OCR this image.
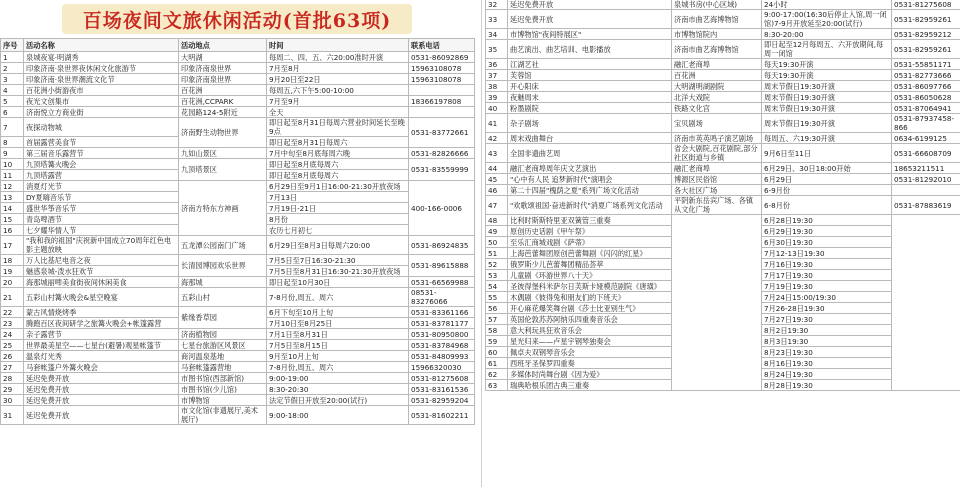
百场夜间文旅休闲活动(首批63项)
序号	活动名称	活动地点	时间	联系电话
1	泉城夜宴·明湖秀	大明湖	每周二、四、五、六20:00准时开演	0531-86092869
2	印象济南·泉世界夜休闲文化旅游节	印象济南泉世界	7月至8月	15963108078
3	印象济南·泉世界潮流文化节	印象济南泉世界	9月20日至22日	15963108078
4	百花洲小街游夜市	百花洲	每周五,六下午5:00-10:00	
5	夜光文创集市	百花洲,CCPARK	7月至9月	18366197808
6	济南悦立方商业街	花园路124-5附近	全天	
7	夜探动物城	济南野生动物世界	即日起至8月31日每周六营业时间延长至晚9点	0531-83772661
8	首届露营美食节		即日起至8月31日每周六	
9	第三届音乐露营节	九如山景区	7月中旬至8月底每周六晚	0531-82826666
10	九顶塔篝火晚会	九顶塔景区	即日起至8月底每周六	0531-83559999
11	九顶塔露营		即日起至8月底每周六	
12	消夏灯光节	济南方特东方神画	6月29日至9月1日16:00-21:30开放夜场	400-166-0006
13	DY夏嗨音乐节		7月13日	
14	盛世华筝音乐节		7月19日-21日	
15	青岛啤酒节		8月份	
16	七夕耀华情人节		农历七月初七	
17	"我和我的祖国"庆祝新中国成立70周年红色电影主题放映	五龙潭公园南门广场	6月29日至8月3日每周六20:00	0531-86924835
18	万人比基尼电音之夜	长清园博园欢乐世界	7月5日至7日16:30-21:30	0531-89615888
19	魅惑泉城-泼水狂欢节		7月5日至8月31日16:30-21:30开放夜场	
20	海那城丽啤美食街夜间休闲美食	海那城	即日起至10月30日	0531-66569988
21	五彩山村篝火晚会&星空晚宴	五彩山村	7-8月份,周五、周六	08531-83276066
22	蒙古风情烧烤季	紫缘香草园	6月下旬至10月上旬	0531-83361166
23	腾跑百区夜间研学之旅篝火晚会+帐篷露营		7月10日至8月25日	0531-83781177
24	亲子露营节	济南植物园	7月1日至8月31日	0531-80950800
25	世界最美星空——七星台(避暑)观星帐篷节	七星台旅游区风景区	7月5日至8月15日	0531-83784968
26	温泉灯光秀	商河温泉基地	9月至10月上旬	0531-84809993
27	马套帐篷户外篝火晚会	马套帐篷露营地	7-8月份,周五、周六	15966320030
28	延迟免费开放	市图书馆(西部新馆)	9:00-19:00	0531-81275608
29	延迟免费开放	市图书馆(少儿馆)	8:30-20:30	0531-83161536
30	延迟免费开放	市博物馆	法定节假日开放至20:00(试行)	0531-82959204
31	延迟免费开放	市文化馆(非遗展厅,美术展厅)	9:00-18:00	0531-81602211
32	延迟免费开放	泉城书房(中心区域)	24小时	0531-81275608
33	延迟免费开放	济南市曲艺海博物馆	9:00-17:00(16:30后停止入馆,周一闭馆)7-9月开放延至20:00(试行)	0531-82959261
34	市博物馆"夜间特展区"	市博物馆院内	8:30-20:00	0531-82959212
35	曲艺演出、曲艺培训、电影播放	济南市曲艺海博物馆	即日起至12月每周五、六开放期间,每周一闭馆	0531-82959261
36	江湖艺社	融汇老商埠	每天19:30开演	0531-55851171
37	芙蓉馆	百花洲	每天19:30开演	0531-82773666
38	开心阳床	大明湖明湖剧院	周末节假日19:30开演	0531-86097766
39	夜魅周末	北洋大戏院	周末节假日19:30开演	0531-86050628
40	粉墨剧院	铁路文化宫	周末节假日19:30开演	0531-87064941
41	杂子剧场	宝贝剧场	周末节假日19:30开演	0531-87937458-866
42	周末戏曲舞台	济南市英英鸣子演艺剧场	每周五、六19:30开演	0634-6199125
43	全国非遗曲艺周	省会大剧院,百花剧院,部分社区街道与乡镇	9月6日至11日	0531-66608709
44	融汇老商埠周年庆文艺演出	融汇老商埠	6月29日、30日18:00开始	18653211511
45	"心中有人民 追梦新时代"演唱会	博源区民俗馆	6月29日	0531-81292010
46	第二十四届"槐荫之夏"系列广场文化活动	各大社区广场	6-9月份	
47	"欢歌颂祖国·奋进新时代"消夏广场系列文化活动	平阴新东岳宾广场、各镇从文化广场	6-8月份	0531-87883619
48	比利时斯斯特里亚双簧管三重奏		6月28日19:30	
49	原创历史话剧《甲午祭》		6月29日19:30	
50	至乐汇商城戏剧《萨蒂》		6月30日19:30	
51	上海芭蕾舞团原创芭蕾舞剧《闪闪的红星》		7月12-13日19:30	
52	俄罗斯少儿芭蕾舞团精品荟萃		7月16日19:30	
53	儿童剧《环游世界八十天》		7月17日19:30	
54	圣彼得堡科米萨尔日芙斯卡娅模范剧院《唐璜》		7月19日19:30	
55	木偶剧《彼得兔和朋友们的下班天》		7月24日15:00/19:30	
56	开心麻花爆笑舞台剧《莎士比亚别生气》		7月26-28日19:30	
57	英国伦敦苏苏阿纳乐四重奏音乐会		7月27日19:30	
58	意大利玩具狂欢音乐会		8月2日19:30	
59	星光归来——卢星宇钢琴独奏会		8月3日19:30	
60	佩卓夫双钢琴音乐会		8月23日19:30	
61	西班牙圣保罗四重奏		8月16日19:30	
62	多媒体时尚舞台剧《因为爱》		8月24日19:30	
63	瑞典哈根乐团古典三重奏		8月28日19:30	
